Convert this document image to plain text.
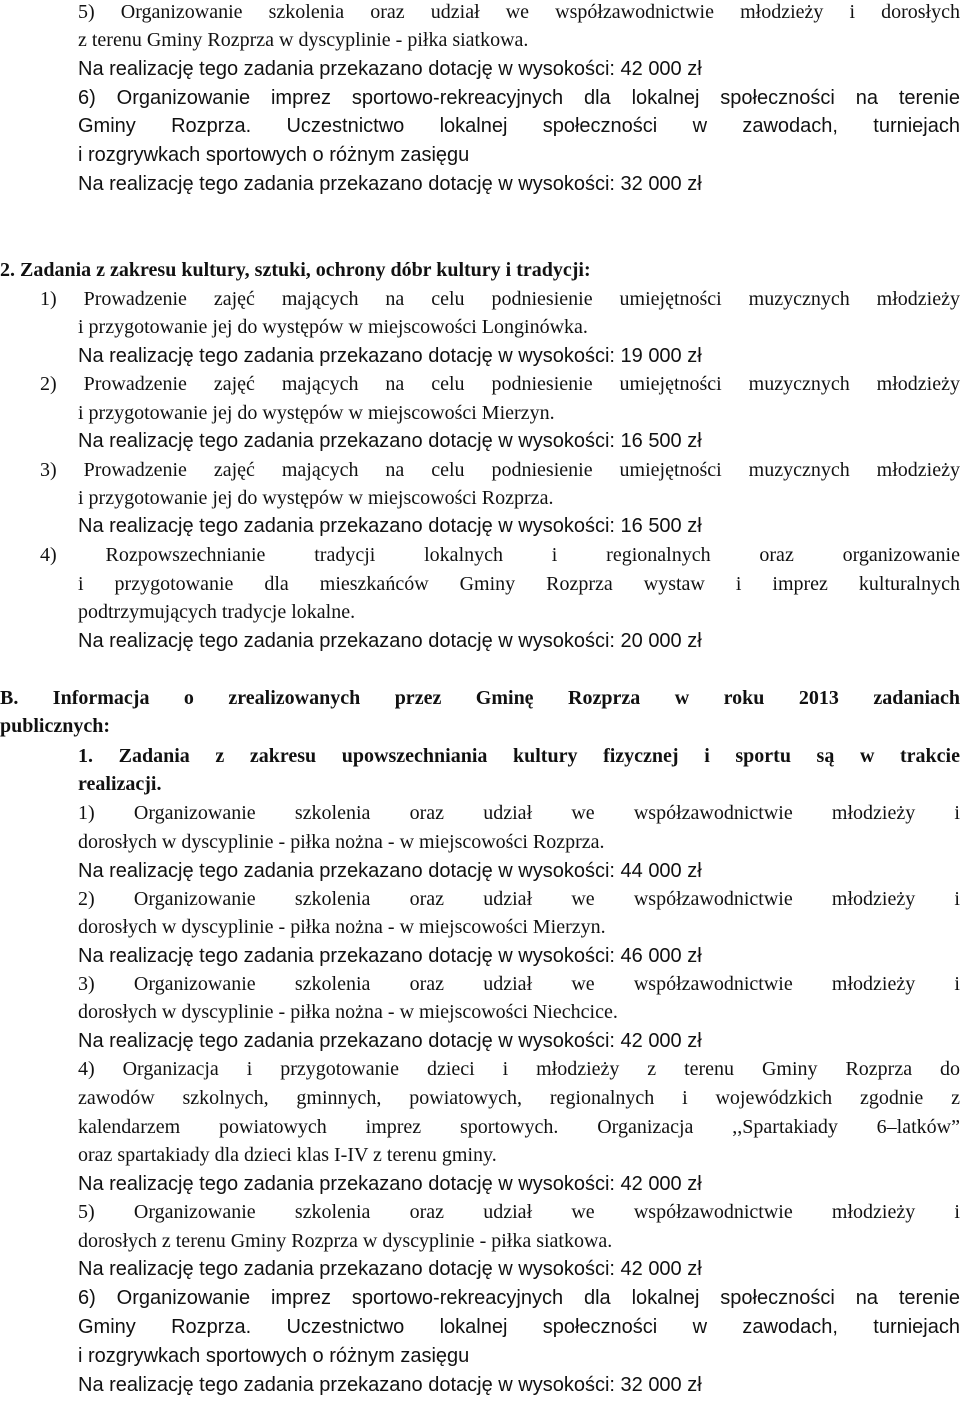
5) Organizowanie szkolenia oraz udział we współzawodnictwie młodzieży i dorosłych
z terenu Gminy Rozprza w dyscyplinie - piłka siatkowa.
Na realizację tego zadania przekazano dotację w wysokości: 42 000 zł
6) Organizowanie imprez sportowo-rekreacyjnych dla lokalnej społeczności na terenie
Gminy Rozprza. Uczestnictwo lokalnej społeczności w zawodach, turniejach
i rozgrywkach sportowych o różnym zasięgu
Na realizację tego zadania przekazano dotację w wysokości: 32 000 zł
2. Zadania z zakresu kultury, sztuki, ochrony dóbr kultury i tradycji:
1) Prowadzenie zajęć mających na celu podniesienie umiejętności muzycznych młodzieży
i przygotowanie jej do występów w miejscowości Longinówka.
Na realizację tego zadania przekazano dotację w wysokości: 19 000 zł
2) Prowadzenie zajęć mających na celu podniesienie umiejętności muzycznych młodzieży
i przygotowanie jej do występów w miejscowości Mierzyn.
Na realizację tego zadania przekazano dotację w wysokości: 16 500 zł
3) Prowadzenie zajęć mających na celu podniesienie umiejętności muzycznych młodzieży
i przygotowanie jej do występów w miejscowości Rozprza.
Na realizację tego zadania przekazano dotację w wysokości: 16 500 zł
4) Rozpowszechnianie tradycji lokalnych i regionalnych oraz organizowanie
i przygotowanie dla mieszkańców Gminy Rozprza wystaw i imprez kulturalnych
podtrzymujących tradycje lokalne.
Na realizację tego zadania przekazano dotację w wysokości: 20 000 zł
B. Informacja o zrealizowanych przez Gminę Rozprza w roku 2013 zadaniach
publicznych:
1. Zadania z zakresu upowszechniania kultury fizycznej i sportu są w trakcie
realizacji.
1) Organizowanie szkolenia oraz udział we współzawodnictwie młodzieży i
dorosłych w dyscyplinie - piłka nożna - w miejscowości Rozprza.
Na realizację tego zadania przekazano dotację w wysokości: 44 000 zł
2) Organizowanie szkolenia oraz udział we współzawodnictwie młodzieży i
dorosłych w dyscyplinie - piłka nożna - w miejscowości Mierzyn.
Na realizację tego zadania przekazano dotację w wysokości: 46 000 zł
3) Organizowanie szkolenia oraz udział we współzawodnictwie młodzieży i
dorosłych w dyscyplinie - piłka nożna - w miejscowości Niechcice.
Na realizację tego zadania przekazano dotację w wysokości: 42 000 zł
4) Organizacja i przygotowanie dzieci i młodzieży z terenu Gminy Rozprza do
zawodów szkolnych, gminnych, powiatowych, regionalnych i wojewódzkich zgodnie z
kalendarzem powiatowych imprez sportowych. Organizacja ,,Spartakiady 6–latków”
oraz spartakiady dla dzieci klas I-IV z terenu gminy.
Na realizację tego zadania przekazano dotację w wysokości: 42 000 zł
5) Organizowanie szkolenia oraz udział we współzawodnictwie młodzieży i
dorosłych z terenu Gminy Rozprza w dyscyplinie - piłka siatkowa.
Na realizację tego zadania przekazano dotację w wysokości: 42 000 zł
6) Organizowanie imprez sportowo-rekreacyjnych dla lokalnej społeczności na terenie
Gminy Rozprza. Uczestnictwo lokalnej społeczności w zawodach, turniejach
i rozgrywkach sportowych o różnym zasięgu
Na realizację tego zadania przekazano dotację w wysokości: 32 000 zł
